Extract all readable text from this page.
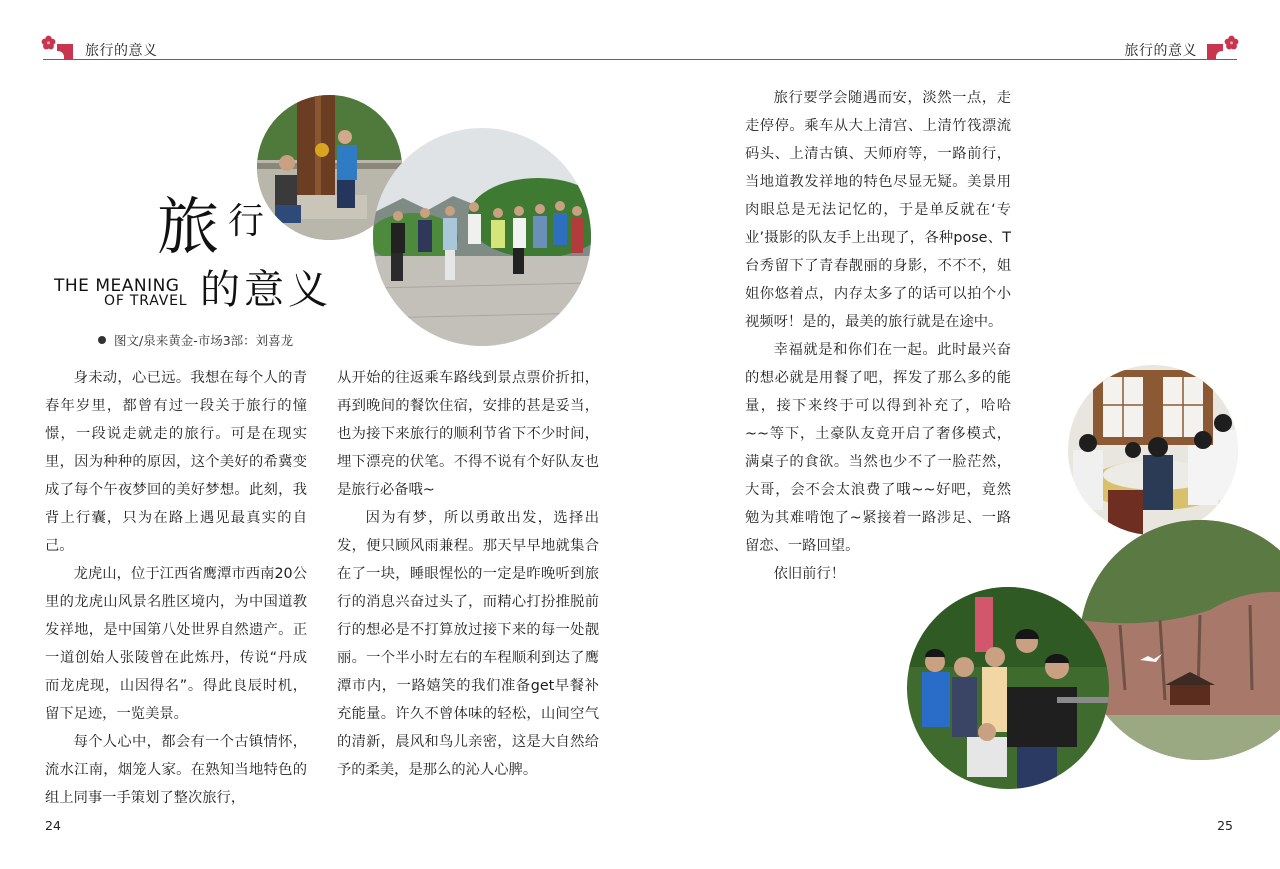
旅行的意义
旅 行
的意义
THE MEANING
OF TRAVEL
图文/泉来黄金-市场3部：刘喜龙

身未动，心已远。我想在每个人的青春年岁里，都曾有过一段关于旅行的憧憬，一段说走就走的旅行。可是在现实里，因为种种的原因，这个美好的希冀变成了每个午夜梦回的美好梦想。此刻，我背上行囊，只为在路上遇见最真实的自己。

龙虎山，位于江西省鹰潭市西南20公里的龙虎山风景名胜区境内，为中国道教发祥地，是中国第八处世界自然遗产。正一道创始人张陵曾在此炼丹，传说“丹成而龙虎现，山因得名”。得此良辰时机，留下足迹，一览美景。

每个人心中，都会有一个古镇情怀，流水江南，烟笼人家。在熟知当地特色的组上同事一手策划了整次旅行，

从开始的往返乘车路线到景点票价折扣，再到晚间的餐饮住宿，安排的甚是妥当，也为接下来旅行的顺利节省下不少时间，埋下漂亮的伏笔。不得不说有个好队友也是旅行必备哦~

因为有梦，所以勇敢出发，选择出发，便只顾风雨兼程。那天早早地就集合在了一块，睡眼惺忪的一定是昨晚听到旅行的消息兴奋过头了，而精心打扮推脱前行的想必是不打算放过接下来的每一处靓丽。一个半小时左右的车程顺利到达了鹰潭市内，一路嬉笑的我们准备get早餐补充能量。许久不曾体味的轻松，山间空气的清新，晨风和鸟儿亲密，这是大自然给予的柔美，是那么的沁人心脾。

24
旅行的意义

旅行要学会随遇而安，淡然一点，走走停停。乘车从大上清宫、上清竹筏漂流码头、上清古镇、天师府等，一路前行，当地道教发祥地的特色尽显无疑。美景用肉眼总是无法记忆的，于是单反就在‘专业’摄影的队友手上出现了，各种pose、T台秀留下了青春靓丽的身影，不不不，姐姐你悠着点，内存太多了的话可以拍个小视频呀！是的，最美的旅行就是在途中。

幸福就是和你们在一起。此时最兴奋的想必就是用餐了吧，挥发了那么多的能量，接下来终于可以得到补充了，哈哈~~等下，土豪队友竟开启了奢侈模式，满桌子的食欲。当然也少不了一脸茫然，大哥，会不会太浪费了哦~~好吧，竟然勉为其难啃饱了~紧接着一路涉足、一路留恋、一路回望。

依旧前行！

25
